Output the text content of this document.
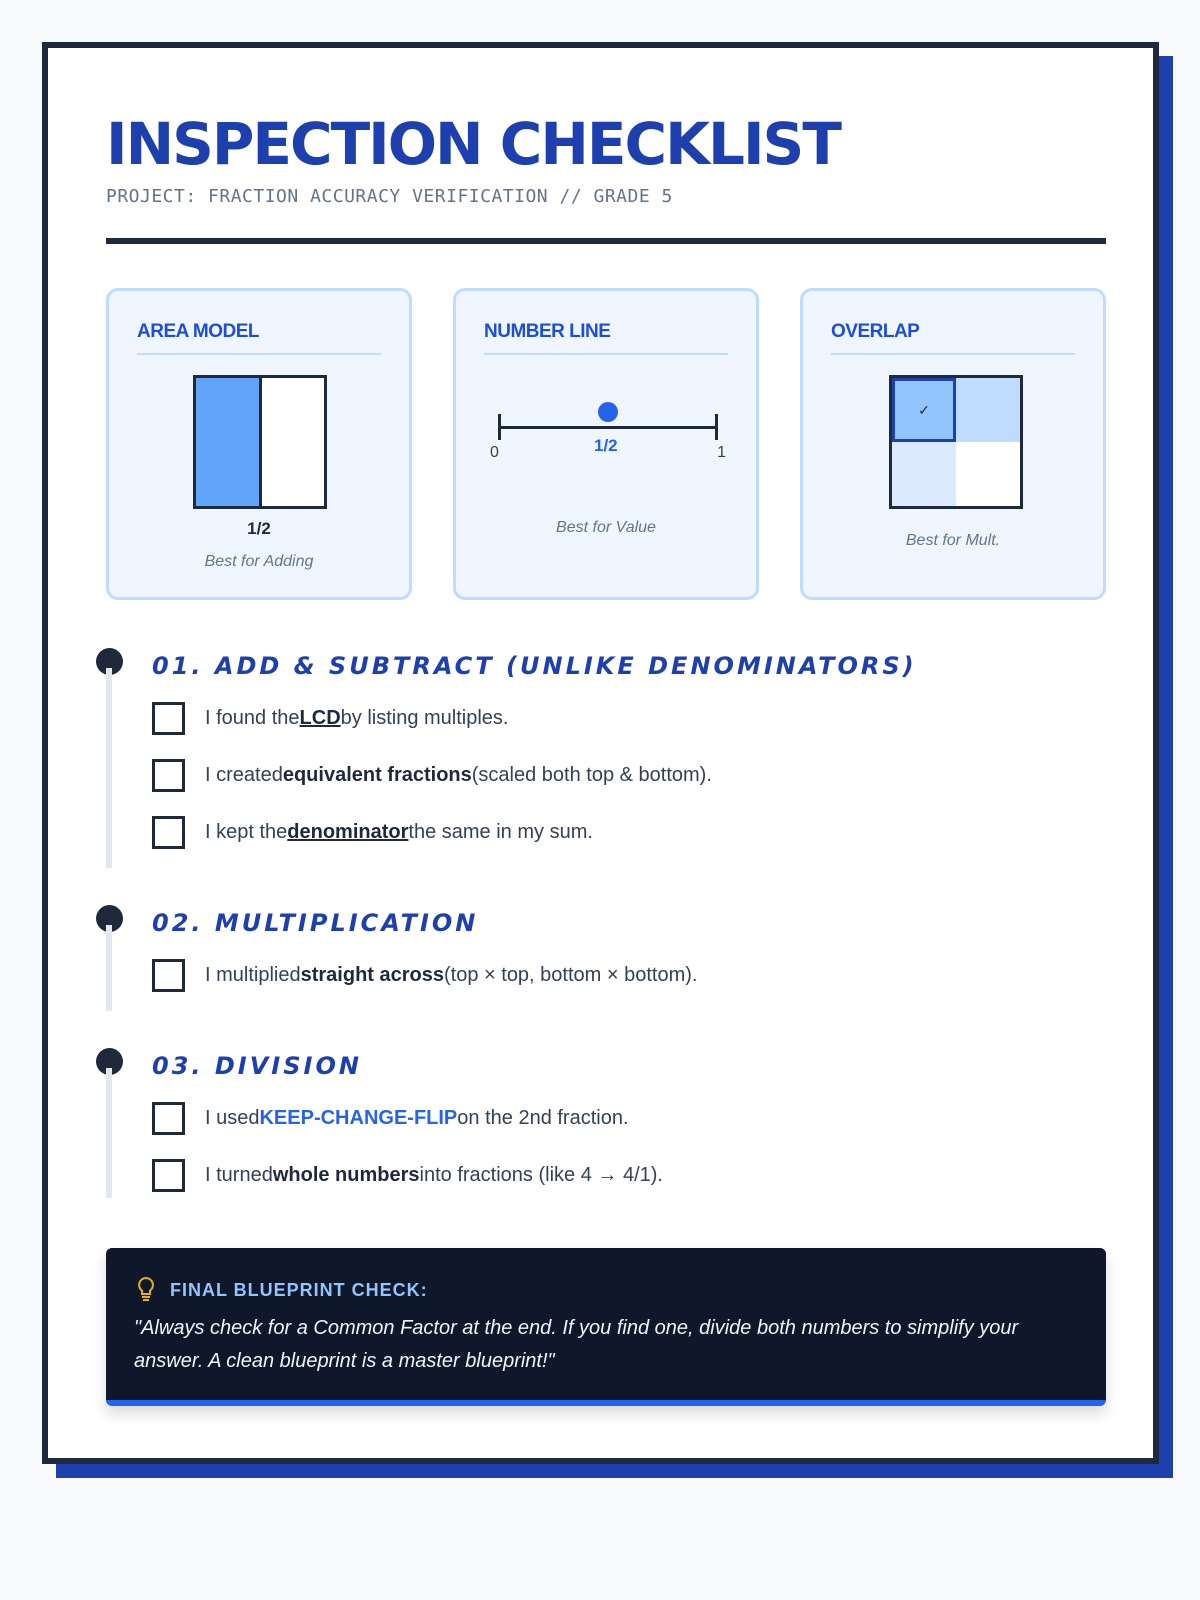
INSPECTION CHECKLIST
PROJECT: FRACTION ACCURACY VERIFICATION // GRADE 5
AREA MODEL
1/2
Best for Adding
NUMBER LINE
0	1
1/2
Best for Value
OVERLAP
✓
Best for Mult.
01. ADD & SUBTRACT (UNLIKE DENOMINATORS)
I found the LCD by listing multiples.
I created equivalent fractions (scaled both top & bottom).
I kept the denominator the same in my sum.
02. MULTIPLICATION
I multiplied straight across (top × top, bottom × bottom).
03. DIVISION
I used KEEP-CHANGE-FLIP on the 2nd fraction.
I turned whole numbers into fractions (like 4 → 4/1).
FINAL BLUEPRINT CHECK:
"Always check for a Common Factor at the end. If you find one, divide both numbers to simplify your answer. A clean blueprint is a master blueprint!"
